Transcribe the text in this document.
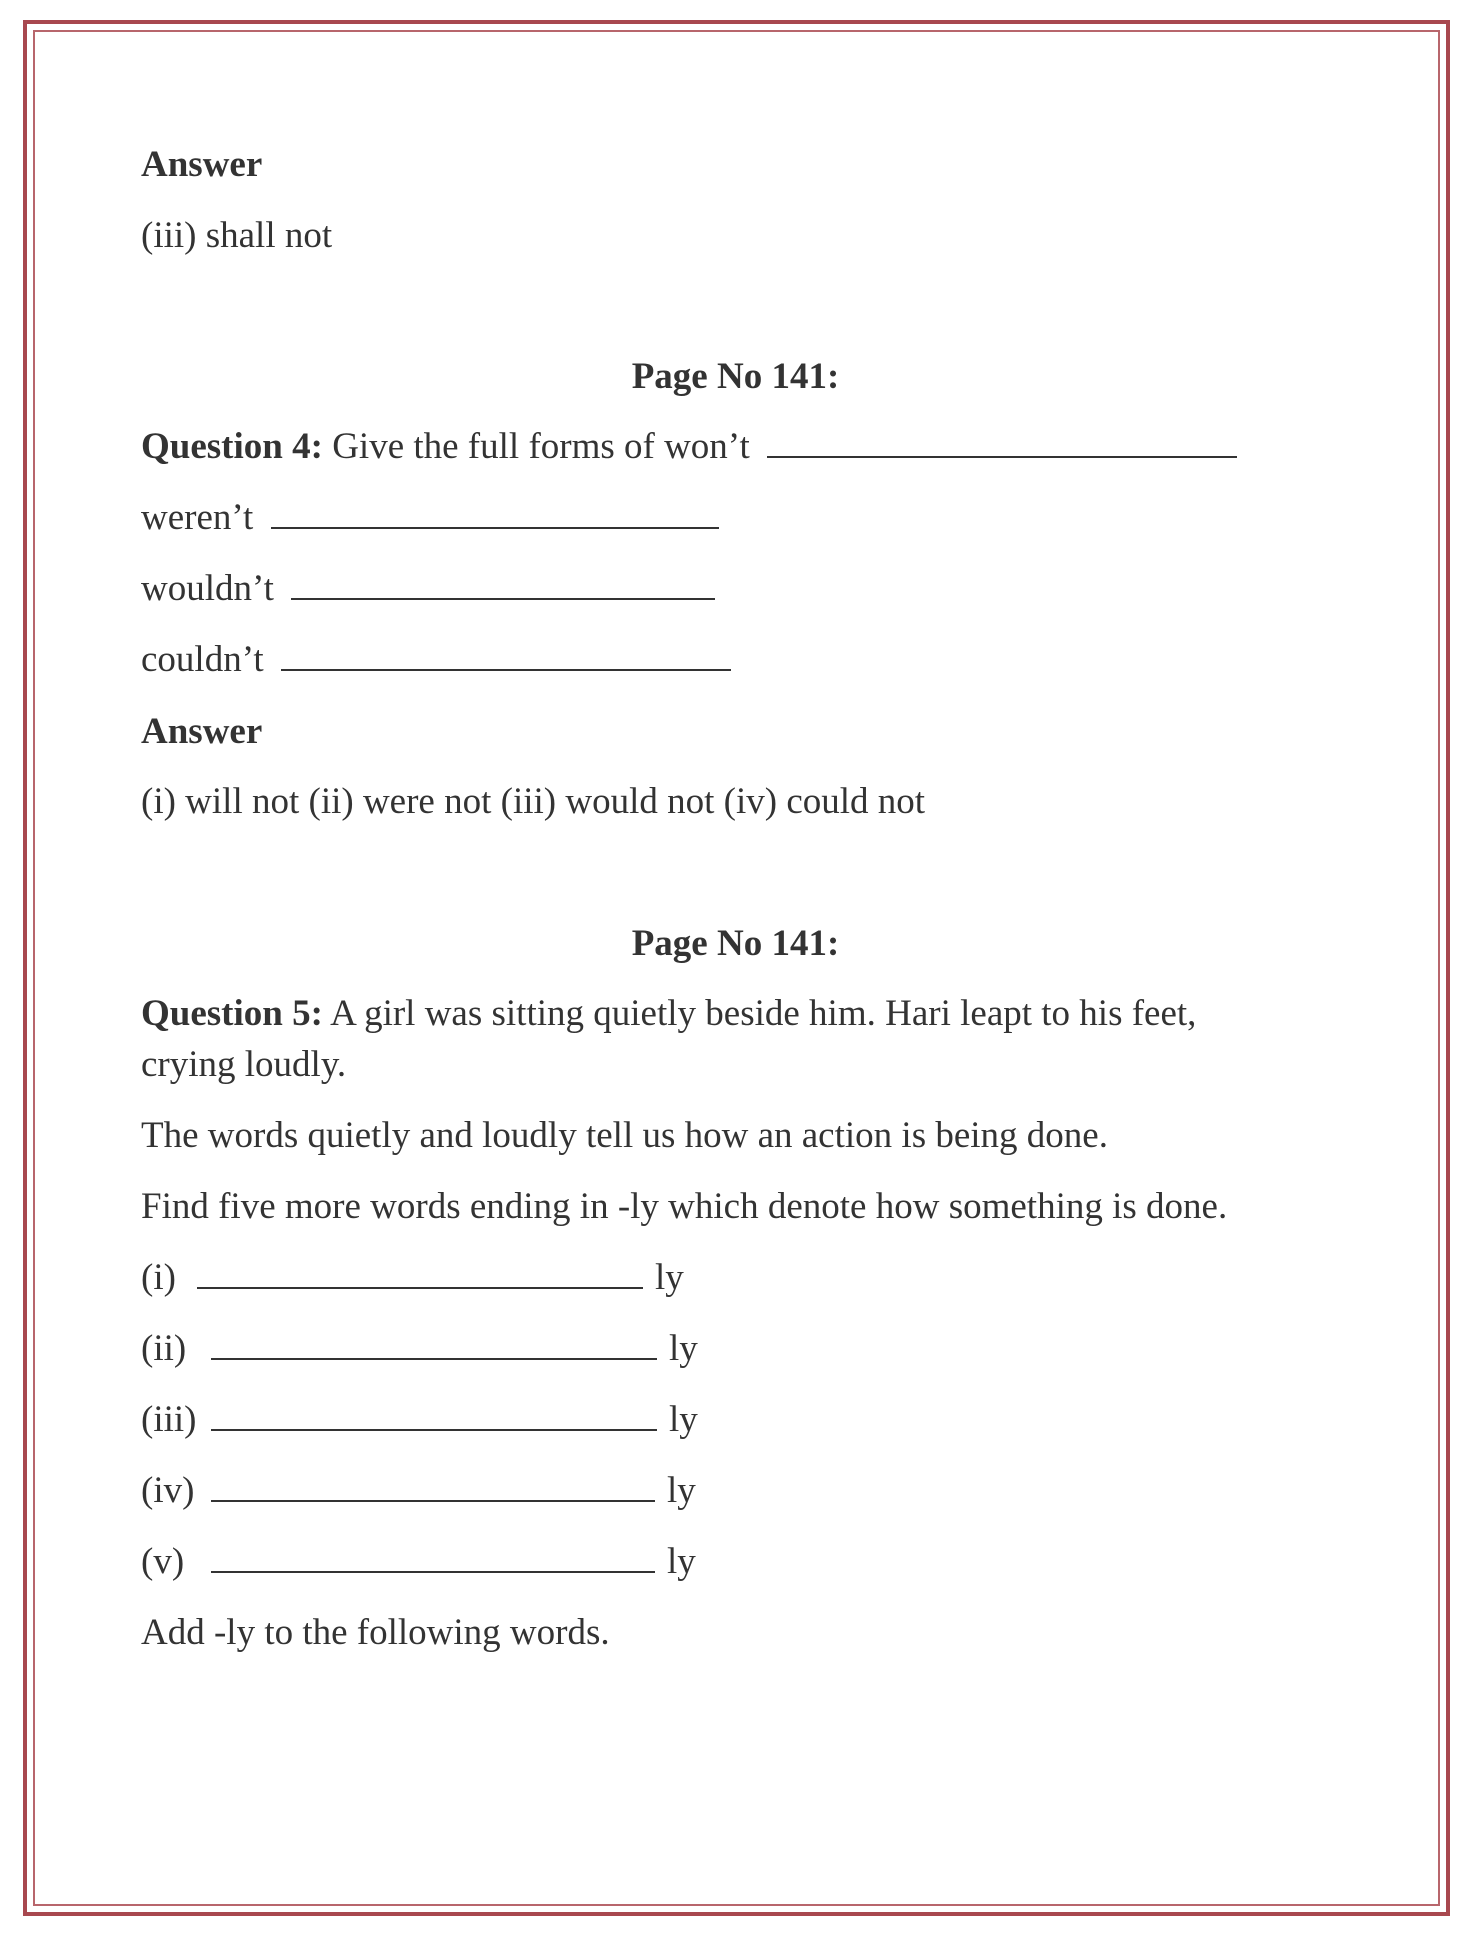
Answer
(iii) shall not
Page No 141:
Question 4: Give the full forms of won’t
weren’t
wouldn’t
couldn’t
Answer
(i) will not (ii) were not (iii) would not (iv) could not
Page No 141:
Question 5: A girl was sitting quietly beside him. Hari leapt to his feet,
crying loudly.
The words quietly and loudly tell us how an action is being done.
Find five more words ending in -ly which denote how something is done.
(i)	ly
(ii)	ly
(iii)	ly
(iv)	ly
(v)	ly
Add -ly to the following words.
